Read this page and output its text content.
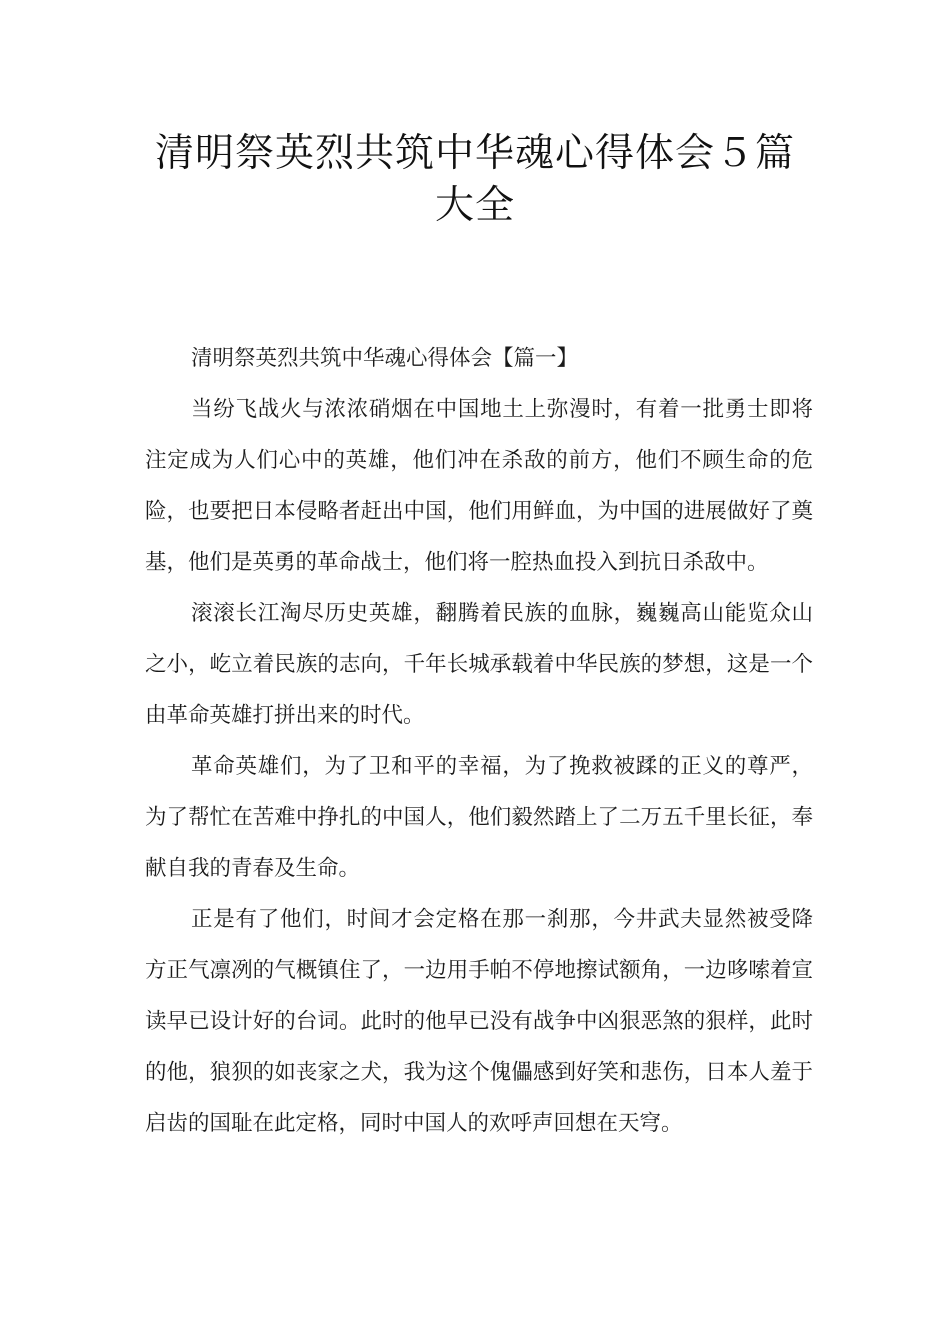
清明祭英烈共筑中华魂心得体会５篇大全

清明祭英烈共筑中华魂心得体会【篇一】

当纷飞战火与浓浓硝烟在中国地土上弥漫时，有着一批勇士即将注定成为人们心中的英雄，他们冲在杀敌的前方，他们不顾生命的危险，也要把日本侵略者赶出中国，他们用鲜血，为中国的进展做好了奠基，他们是英勇的革命战士，他们将一腔热血投入到抗日杀敌中。

滚滚长江淘尽历史英雄，翻腾着民族的血脉，巍巍高山能览众山之小，屹立着民族的志向，千年长城承载着中华民族的梦想，这是一个由革命英雄打拼出来的时代。

革命英雄们，为了卫和平的幸福，为了挽救被蹂的正义的尊严，为了帮忙在苦难中挣扎的中国人，他们毅然踏上了二万五千里长征，奉献自我的青春及生命。

正是有了他们，时间才会定格在那一刹那，今井武夫显然被受降方正气凛冽的气概镇住了，一边用手帕不停地擦试额角，一边哆嗦着宣读早已设计好的台词。此时的他早已没有战争中凶狠恶煞的狠样，此时的他，狼狈的如丧家之犬，我为这个傀儡感到好笑和悲伤，日本人羞于启齿的国耻在此定格，同时中国人的欢呼声回想在天穹。
